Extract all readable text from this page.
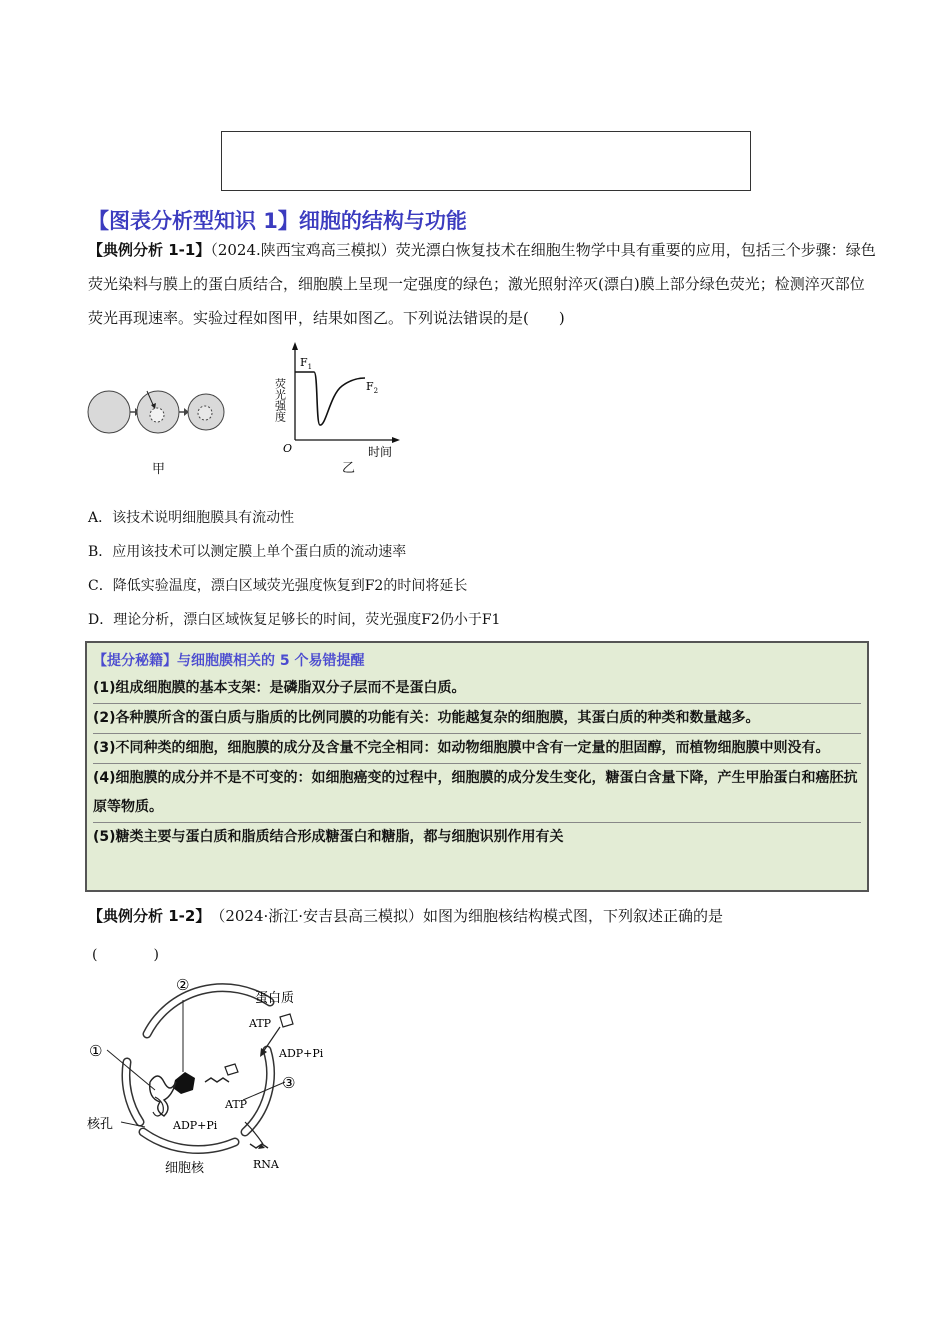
【图表分析型知识 1】细胞的结构与功能
【典例分析 1-1】（2024.陕西宝鸡高三模拟）荧光漂白恢复技术在细胞生物学中具有重要的应用，包括三个步骤：绿色荧光染料与膜上的蛋白质结合，细胞膜上呈现一定强度的绿色；激光照射淬灭(漂白)膜上部分绿色荧光；检测淬灭部位荧光再现速率。实验过程如图甲，结果如图乙。下列说法错误的是(　　)
甲
荧光强度
$F_1$
$F_2$
O	时间
乙
A．该技术说明细胞膜具有流动性
B．应用该技术可以测定膜上单个蛋白质的流动速率
C．降低实验温度，漂白区域荧光强度恢复到F2的时间将延长
D．理论分析，漂白区域恢复足够长的时间，荧光强度F2仍小于F1
【提分秘籍】与细胞膜相关的 5 个易错提醒
(1)组成细胞膜的基本支架：是磷脂双分子层而不是蛋白质。
(2)各种膜所含的蛋白质与脂质的比例同膜的功能有关：功能越复杂的细胞膜，其蛋白质的种类和数量越多。
(3)不同种类的细胞，细胞膜的成分及含量不完全相同：如动物细胞膜中含有一定量的胆固醇，而植物细胞膜中则没有。
(4)细胞膜的成分并不是不可变的：如细胞癌变的过程中，细胞膜的成分发生变化，糖蛋白含量下降，产生甲胎蛋白和癌胚抗原等物质。
(5)糖类主要与蛋白质和脂质结合形成糖蛋白和糖脂，都与细胞识别作用有关
【典例分析 1-2】　（2024·浙江·安吉县高三模拟）如图为细胞核结构模式图，下列叙述正确的是
(　　　　)
①
②
③
蛋白质
ATP
ADP+Pi
ATP
ADP+Pi
核孔
细胞核	RNA
